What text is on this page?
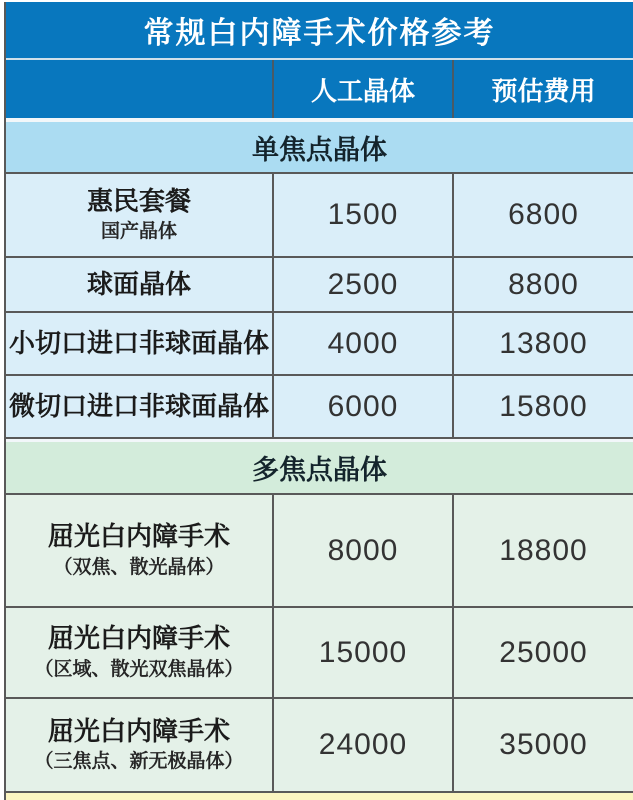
常规白内障手术价格参考
人工晶体	预估费用
单焦点晶体
惠民套餐
国产晶体
1500	6800
球面晶体	2500	8800
小切口进口非球面晶体 4000	13800
微切口进口非球面晶体 6000	15800
多焦点晶体
屈光白内障手术
（双焦、散光晶体）
8000	18800
屈光白内障手术
（区域、散光双焦晶体）
15000	25000
屈光白内障手术
（三焦点、新无极晶体）
24000	35000
